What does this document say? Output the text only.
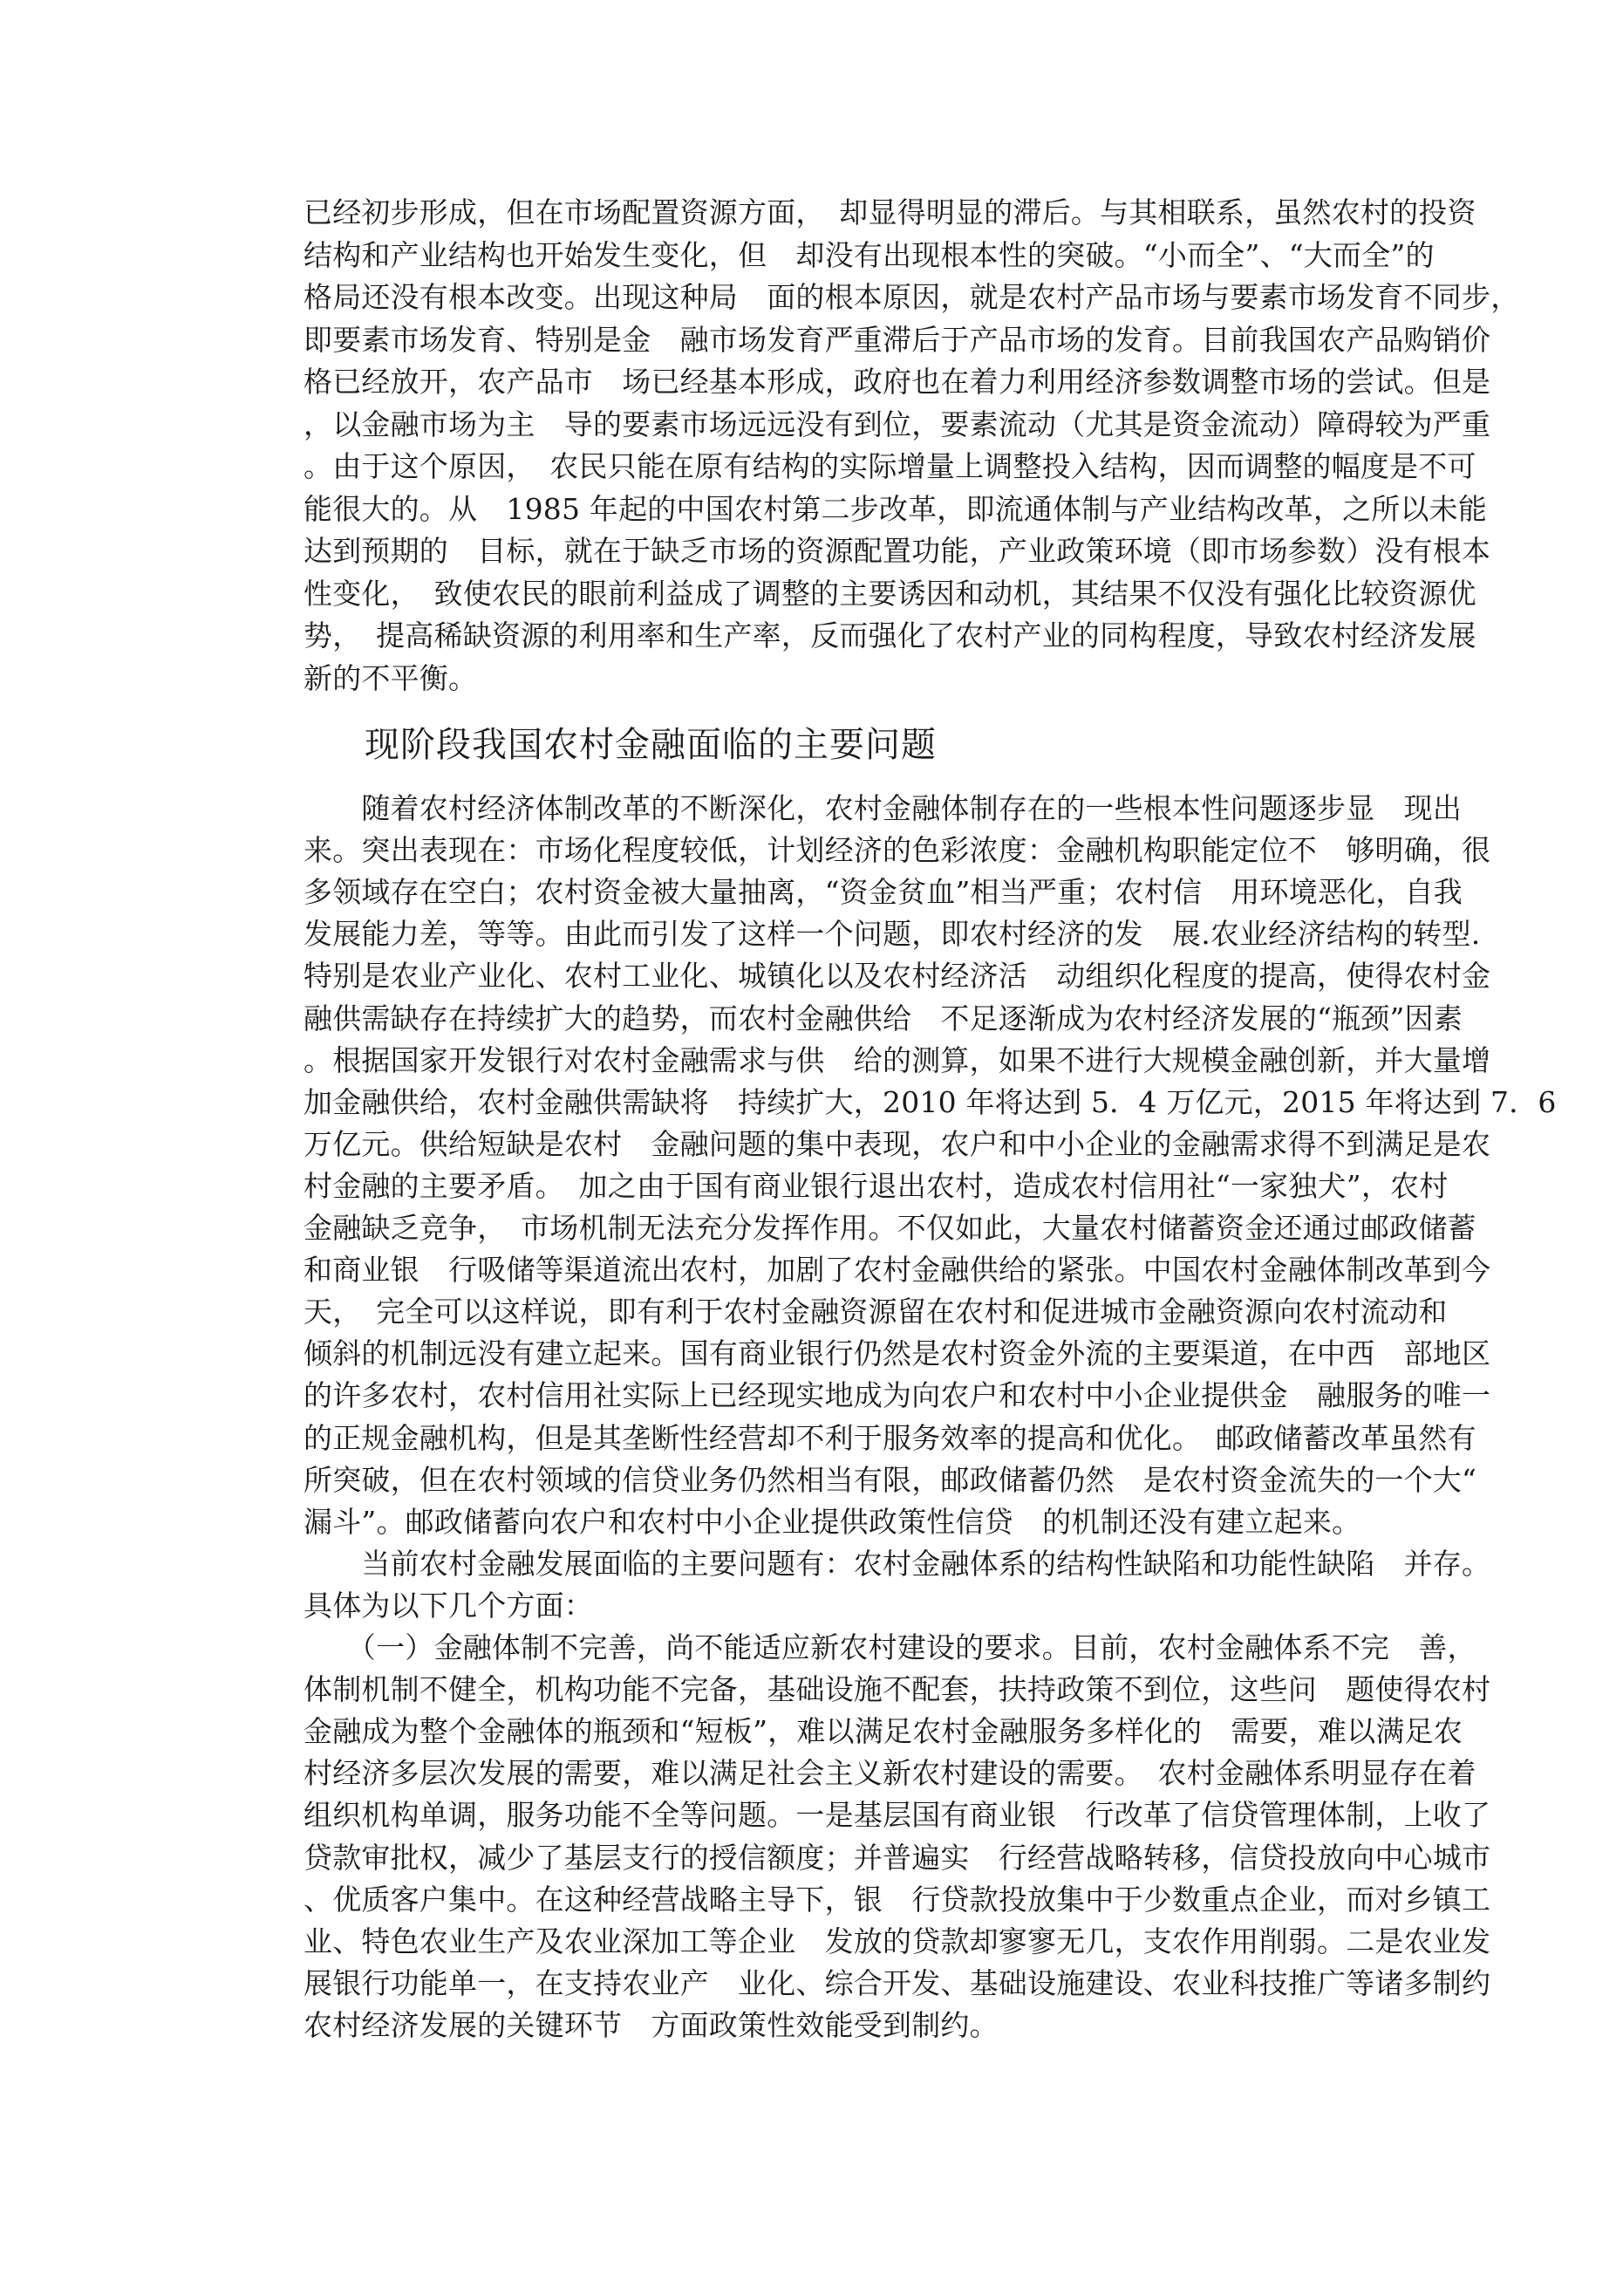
已经初步形成，但在市场配置资源方面，　却显得明显的滞后。与其相联系，虽然农村的投资
结构和产业结构也开始发生变化，但　却没有出现根本性的突破。“小而全”、“大而全”的
格局还没有根本改变。出现这种局　面的根本原因，就是农村产品市场与要素市场发育不同步，
即要素市场发育、特别是金　融市场发育严重滞后于产品市场的发育。目前我国农产品购销价
格已经放开，农产品市　场已经基本形成，政府也在着力利用经济参数调整市场的尝试。但是
，以金融市场为主　导的要素市场远远没有到位，要素流动（尤其是资金流动）障碍较为严重
。由于这个原因，　农民只能在原有结构的实际增量上调整投入结构，因而调整的幅度是不可
能很大的。从　1985 年起的中国农村第二步改革，即流通体制与产业结构改革，之所以未能
达到预期的　目标，就在于缺乏市场的资源配置功能，产业政策环境（即市场参数）没有根本
性变化，　致使农民的眼前利益成了调整的主要诱因和动机，其结果不仅没有强化比较资源优
势，　提高稀缺资源的利用率和生产率，反而强化了农村产业的同构程度，导致农村经济发展
新的不平衡。
现阶段我国农村金融面临的主要问题
　　随着农村经济体制改革的不断深化，农村金融体制存在的一些根本性问题逐步显　现出
来。突出表现在：市场化程度较低，计划经济的色彩浓度：金融机构职能定位不　够明确，很
多领域存在空白；农村资金被大量抽离，“资金贫血”相当严重；农村信　用环境恶化，自我
发展能力差，等等。由此而引发了这样一个问题，即农村经济的发　展.农业经济结构的转型.
特别是农业产业化、农村工业化、城镇化以及农村经济活　动组织化程度的提高，使得农村金
融供需缺存在持续扩大的趋势，而农村金融供给　不足逐渐成为农村经济发展的“瓶颈”因素
。根据国家开发银行对农村金融需求与供　给的测算，如果不进行大规模金融创新，并大量增
加金融供给，农村金融供需缺将　持续扩大，2010 年将达到 5．4 万亿元，2015 年将达到 7．6
万亿元。供给短缺是农村　金融问题的集中表现，农户和中小企业的金融需求得不到满足是农
村金融的主要矛盾。　加之由于国有商业银行退出农村，造成农村信用社“一家独犬”，农村
金融缺乏竞争，　市场机制无法充分发挥作用。不仅如此，大量农村储蓄资金还通过邮政储蓄
和商业银　行吸储等渠道流出农村，加剧了农村金融供给的紧张。中国农村金融体制改革到今
天，　完全可以这样说，即有利于农村金融资源留在农村和促进城市金融资源向农村流动和
倾斜的机制远没有建立起来。国有商业银行仍然是农村资金外流的主要渠道，在中西　部地区
的许多农村，农村信用社实际上已经现实地成为向农户和农村中小企业提供金　融服务的唯一
的正规金融机构，但是其垄断性经营却不利于服务效率的提高和优化。　邮政储蓄改革虽然有
所突破，但在农村领域的信贷业务仍然相当有限，邮政储蓄仍然　是农村资金流失的一个大“
漏斗”。邮政储蓄向农户和农村中小企业提供政策性信贷　的机制还没有建立起来。
　　当前农村金融发展面临的主要问题有：农村金融体系的结构性缺陷和功能性缺陷　并存。
具体为以下几个方面：
　　（一）金融体制不完善，尚不能适应新农村建设的要求。目前，农村金融体系不完　善，
体制机制不健全，机构功能不完备，基础设施不配套，扶持政策不到位，这些问　题使得农村
金融成为整个金融体的瓶颈和“短板”，难以满足农村金融服务多样化的　需要，难以满足农
村经济多层次发展的需要，难以满足社会主义新农村建设的需要。　农村金融体系明显存在着
组织机构单调，服务功能不全等问题。一是基层国有商业银　行改革了信贷管理体制，上收了
贷款审批权，减少了基层支行的授信额度；并普遍实　行经营战略转移，信贷投放向中心城市
、优质客户集中。在这种经营战略主导下，银　行贷款投放集中于少数重点企业，而对乡镇工
业、特色农业生产及农业深加工等企业　发放的贷款却寥寥无几，支农作用削弱。二是农业发
展银行功能单一，在支持农业产　业化、综合开发、基础设施建设、农业科技推广等诸多制约
农村经济发展的关键环节　方面政策性效能受到制约。
